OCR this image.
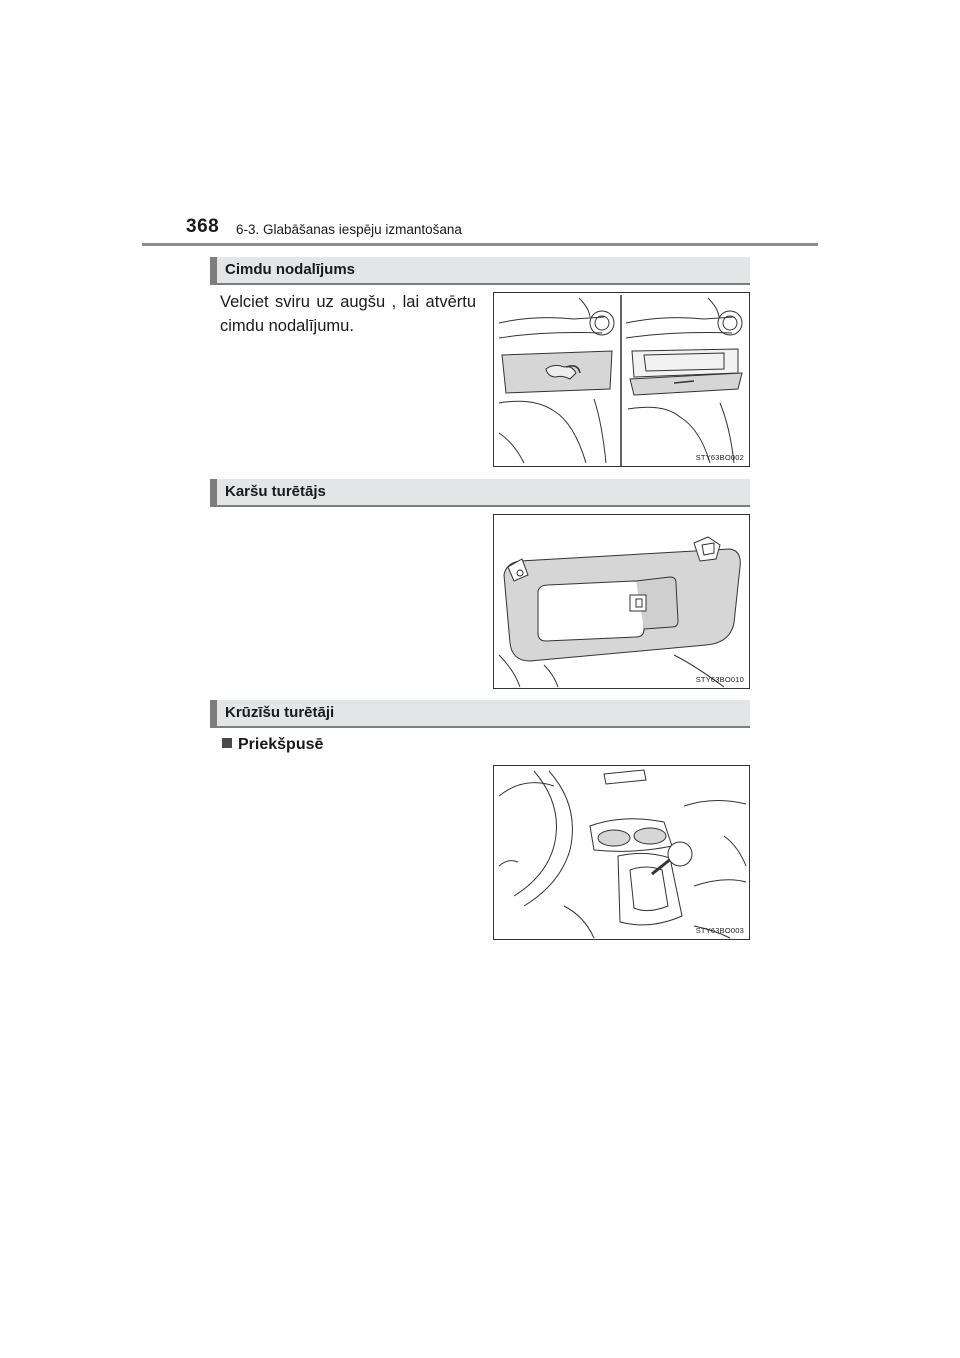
368 6-3. Glabāšanas iespēju izmantošana
Cimdu nodalījums
Velciet sviru uz augšu , lai atvērtu cimdu nodalījumu.
STY63BO002
Karšu turētājs
STY63BO010
Krūzīšu turētāji
Priekšpusē
STY63BO003
